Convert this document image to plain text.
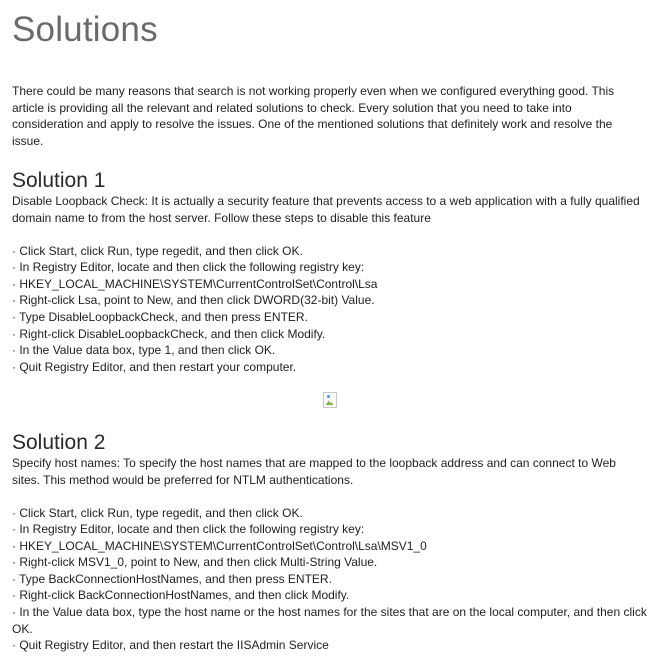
Solutions

There could be many reasons that search is not working properly even when we configured everything good. This article is providing all the relevant and related solutions to check. Every solution that you need to take into consideration and apply to resolve the issues. One of the mentioned solutions that definitely work and resolve the issue.

Solution 1

Disable Loopback Check: It is actually a security feature that prevents access to a web application with a fully qualified domain name to from the host server. Follow these steps to disable this feature

· Click Start, click Run, type regedit, and then click OK.
· In Registry Editor, locate and then click the following registry key:
· HKEY_LOCAL_MACHINE\SYSTEM\CurrentControlSet\Control\Lsa
· Right-click Lsa, point to New, and then click DWORD(32-bit) Value.
· Type DisableLoopbackCheck, and then press ENTER.
· Right-click DisableLoopbackCheck, and then click Modify.
· In the Value data box, type 1, and then click OK.
· Quit Registry Editor, and then restart your computer.
Solution 2

Specify host names: To specify the host names that are mapped to the loopback address and can connect to Web sites. This method would be preferred for NTLM authentications.

· Click Start, click Run, type regedit, and then click OK.
· In Registry Editor, locate and then click the following registry key:
· HKEY_LOCAL_MACHINE\SYSTEM\CurrentControlSet\Control\Lsa\MSV1_0
· Right-click MSV1_0, point to New, and then click Multi-String Value.
· Type BackConnectionHostNames, and then press ENTER.
· Right-click BackConnectionHostNames, and then click Modify.
· In the Value data box, type the host name or the host names for the sites that are on the local computer, and then click OK.
· Quit Registry Editor, and then restart the IISAdmin Service
